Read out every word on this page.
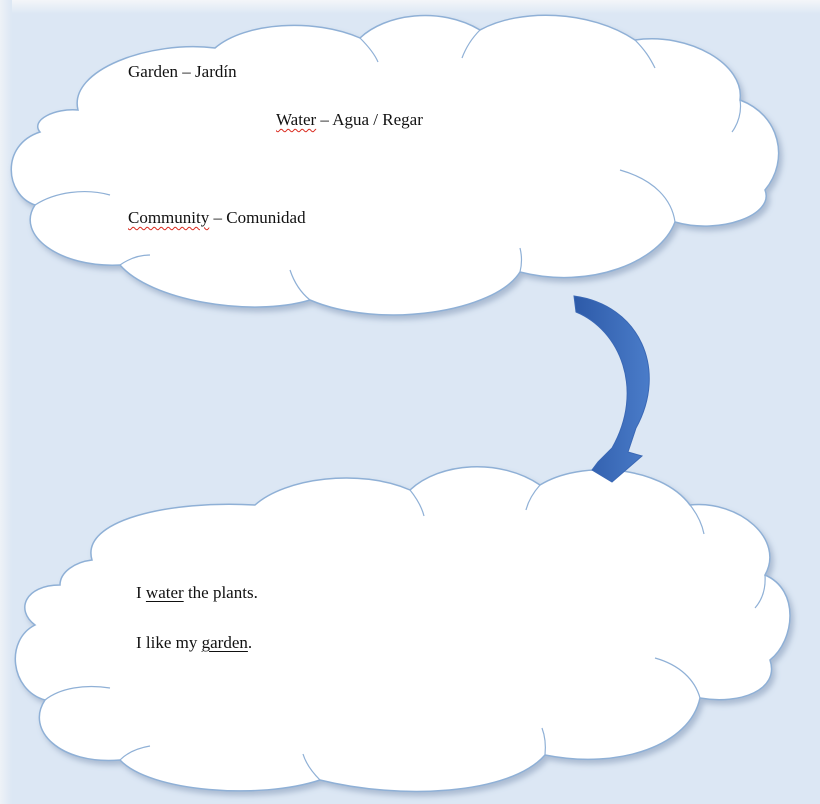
Garden – Jardín
Water – Agua / Regar
Community – Comunidad
I water the plants.
I like my garden.
